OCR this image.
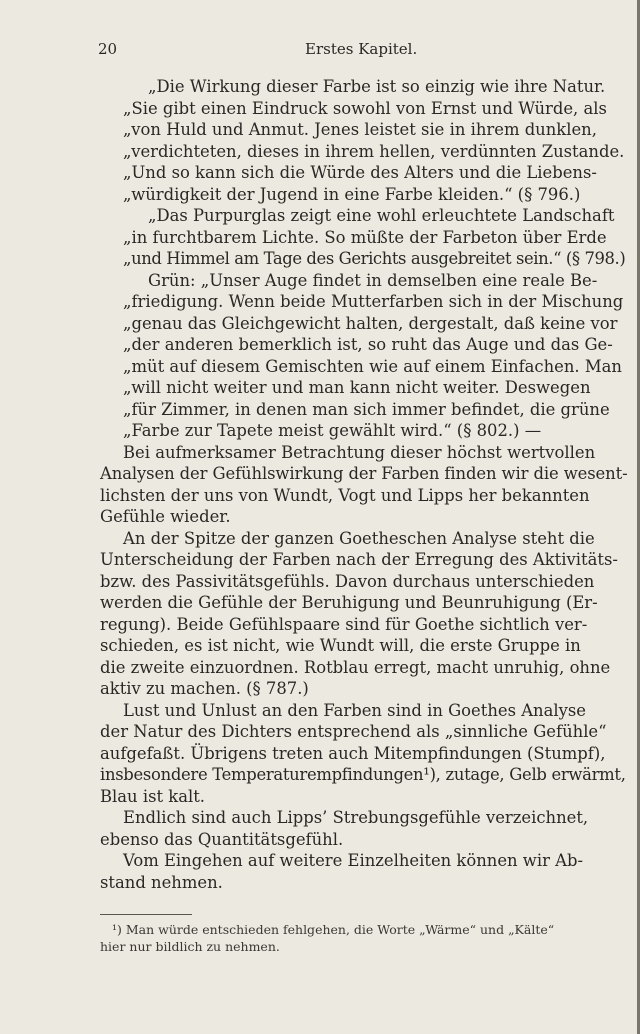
20	Erstes Kapitel.
„Die Wirkung dieser Farbe ist so einzig wie ihre Natur.
„Sie gibt einen Eindruck sowohl von Ernst und Würde, als
„von Huld und Anmut. Jenes leistet sie in ihrem dunklen,
„verdichteten, dieses in ihrem hellen, verdünnten Zustande.
„Und so kann sich die Würde des Alters und die Liebens-
„würdigkeit der Jugend in eine Farbe kleiden.“ (§ 796.)
„Das Purpurglas zeigt eine wohl erleuchtete Landschaft
„in furchtbarem Lichte. So müßte der Farbeton über Erde
„und Himmel am Tage des Gerichts ausgebreitet sein.“ (§ 798.)
Grün: „Unser Auge findet in demselben eine reale Be-
„friedigung. Wenn beide Mutterfarben sich in der Mischung
„genau das Gleichgewicht halten, dergestalt, daß keine vor
„der anderen bemerklich ist, so ruht das Auge und das Ge-
„müt auf diesem Gemischten wie auf einem Einfachen. Man
„will nicht weiter und man kann nicht weiter. Deswegen
„für Zimmer, in denen man sich immer befindet, die grüne
„Farbe zur Tapete meist gewählt wird.“ (§ 802.) —
Bei aufmerksamer Betrachtung dieser höchst wertvollen
Analysen der Gefühlswirkung der Farben finden wir die wesent-
lichsten der uns von Wundt, Vogt und Lipps her bekannten
Gefühle wieder.
An der Spitze der ganzen Goetheschen Analyse steht die
Unterscheidung der Farben nach der Erregung des Aktivitäts-
bzw. des Passivitätsgefühls. Davon durchaus unterschieden
werden die Gefühle der Beruhigung und Beunruhigung (Er-
regung). Beide Gefühlspaare sind für Goethe sichtlich ver-
schieden, es ist nicht, wie Wundt will, die erste Gruppe in
die zweite einzuordnen. Rotblau erregt, macht unruhig, ohne
aktiv zu machen. (§ 787.)
Lust und Unlust an den Farben sind in Goethes Analyse
der Natur des Dichters entsprechend als „sinnliche Gefühle“
aufgefaßt. Übrigens treten auch Mitempfindungen (Stumpf),
insbesondere Temperaturempfindungen¹), zutage, Gelb erwärmt,
Blau ist kalt.
Endlich sind auch Lipps’ Strebungsgefühle verzeichnet,
ebenso das Quantitätsgefühl.
Vom Eingehen auf weitere Einzelheiten können wir Ab-
stand nehmen.
¹) Man würde entschieden fehlgehen, die Worte „Wärme“ und „Kälte“
hier nur bildlich zu nehmen.
